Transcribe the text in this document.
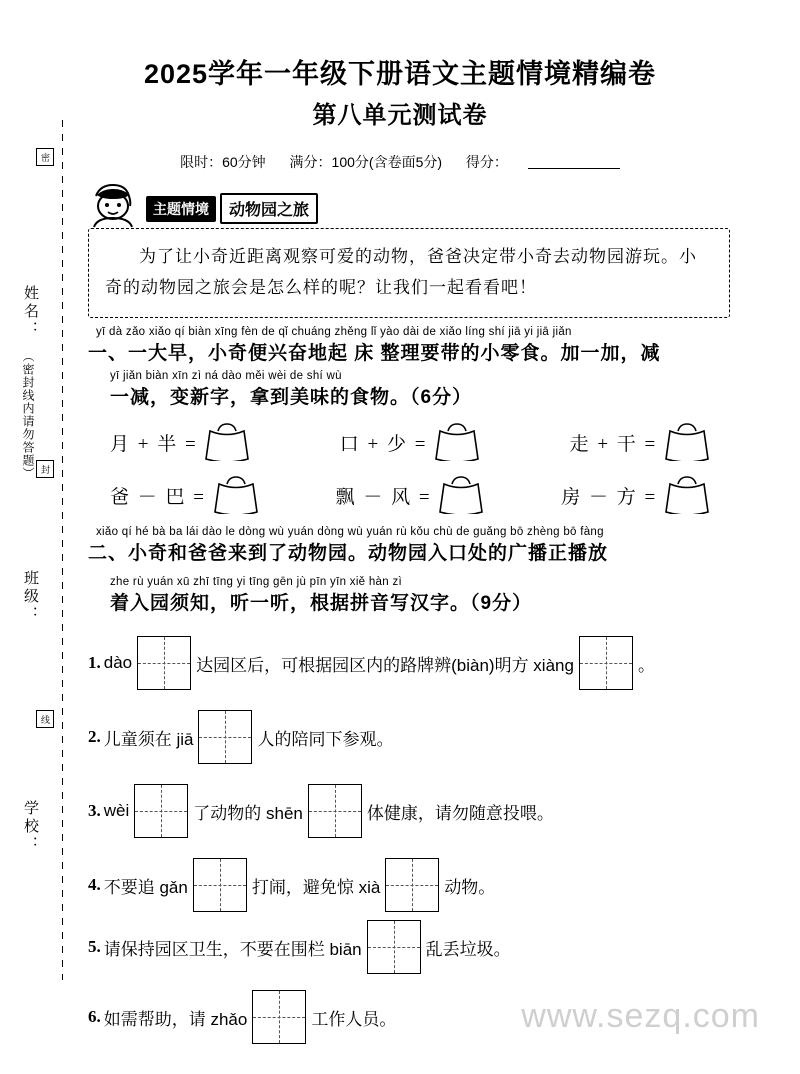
姓名：
（密封线内请勿答题）
班级：
学校：
密
封
线
2025学年一年级下册语文主题情境精编卷
第八单元测试卷
限时：60分钟 满分：100分(含卷面5分) 得分：
主题情境	动物园之旅

为了让小奇近距离观察可爱的动物，爸爸决定带小奇去动物园游玩。小奇的动物园之旅会是怎么样的呢？让我们一起看看吧！

yī dà zǎo xiǎo qí biàn xīng fèn de qǐ chuáng zhěng lǐ yào dài de xiǎo líng shí jiā yi jiā jiǎn
一、一大早，小奇便兴奋地起 床 整理要带的小零食。加一加，减
yī jiǎn biàn xīn zì ná dào měi wèi de shí wù
一减，变新字，拿到美味的食物。（6分）
月 + 半 =	口 + 少 =	走 + 干 =
爸 － 巴 =	飘 － 风 =	房 － 方 =
xiǎo qí hé bà ba lái dào le dòng wù yuán dòng wù yuán rù kǒu chù de guǎng bō zhèng bō fàng
二、小奇和爸爸来到了动物园。动物园入口处的广播正播放
zhe rù yuán xū zhī tīng yi tīng gēn jù pīn yīn xiě hàn zì
着入园须知，听一听，根据拼音写汉字。（9分）
1. dào	达园区后，可根据园区内的路牌辨(biàn)明方 xiàng	。
2. 儿童须在 jiā	人的陪同下参观。
3. wèi	了动物的 shēn	体健康，请勿随意投喂。
4. 不要追 gǎn	打闹，避免惊 xià	动物。
5. 请保持园区卫生，不要在围栏 biān	乱丢垃圾。
6. 如需帮助，请 zhǎo	工作人员。	www.sezq.com
